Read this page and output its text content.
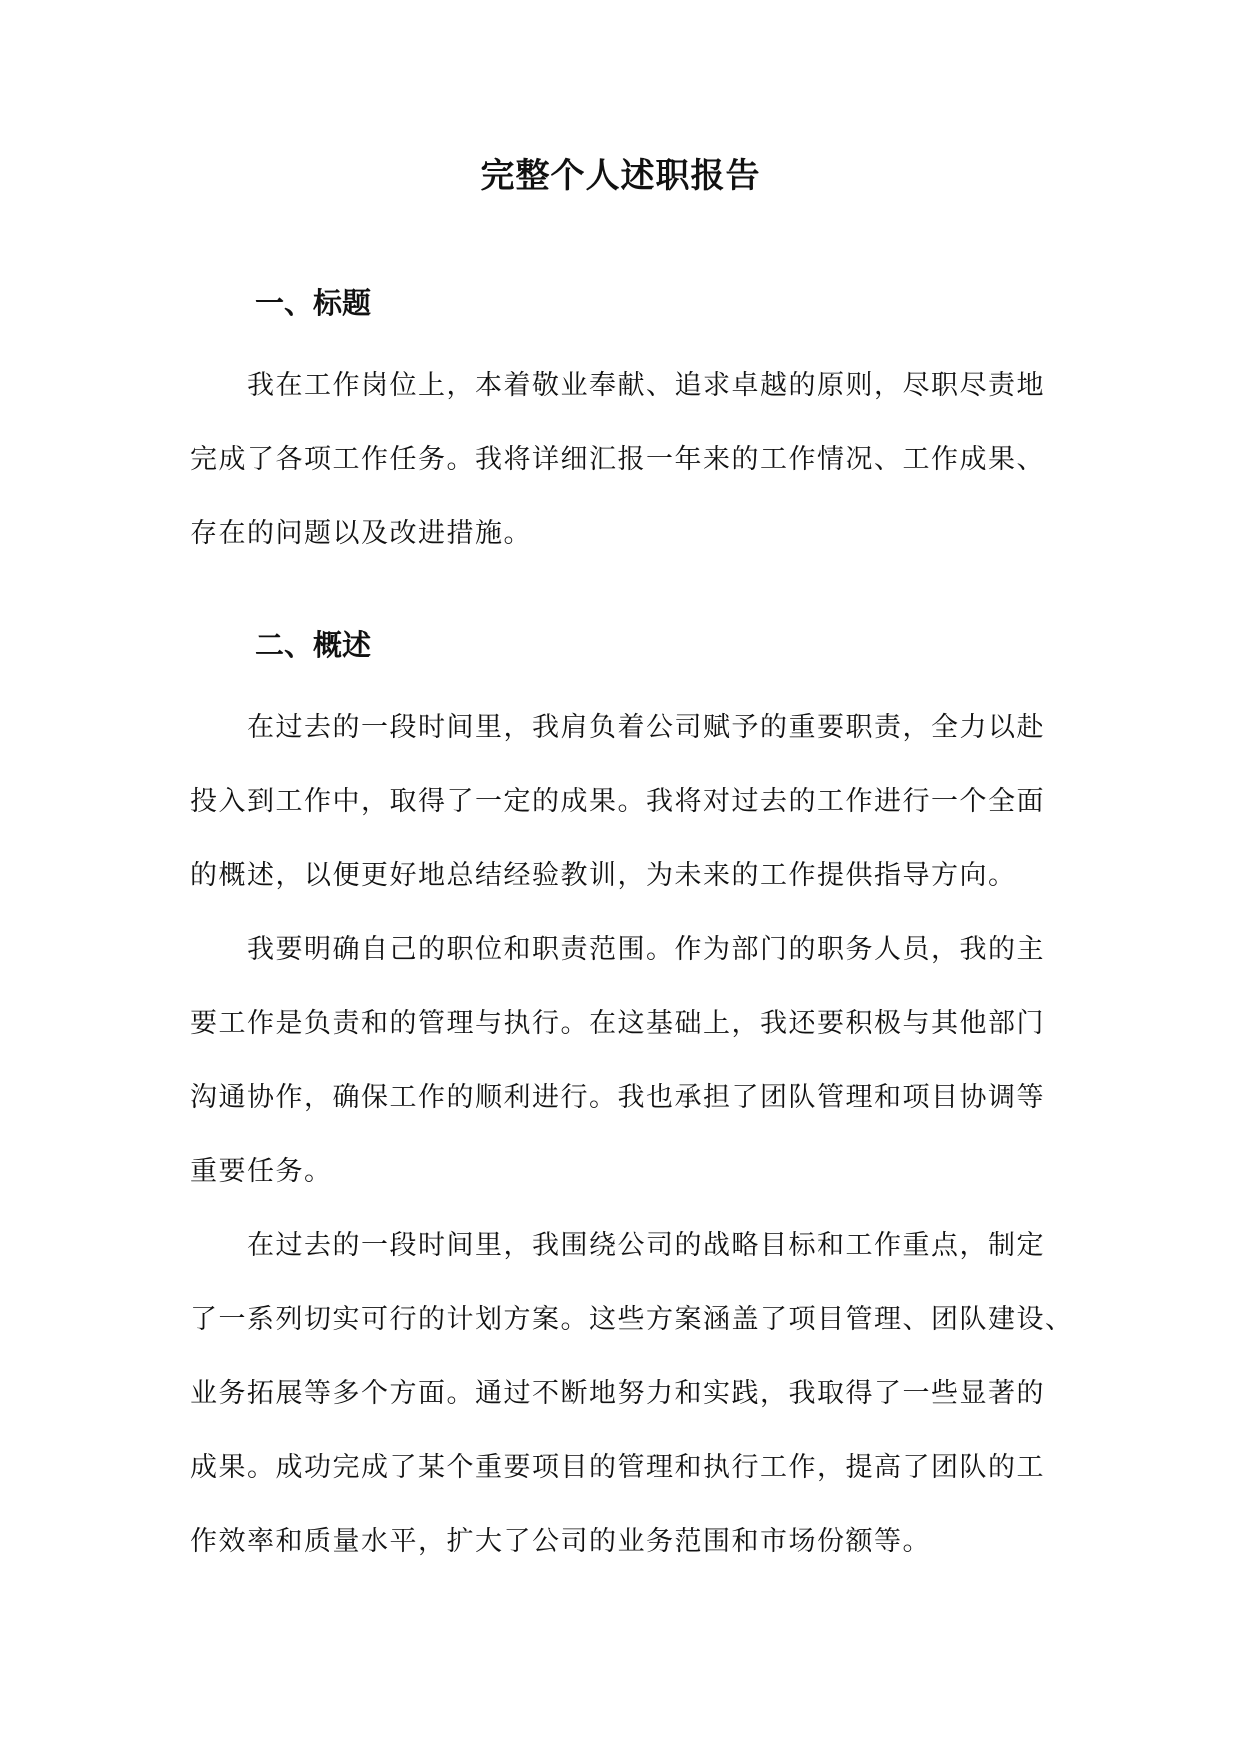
完整个人述职报告
一、标题
我在工作岗位上，本着敬业奉献、追求卓越的原则，尽职尽责地
完成了各项工作任务。我将详细汇报一年来的工作情况、工作成果、
存在的问题以及改进措施。
二、概述
在过去的一段时间里，我肩负着公司赋予的重要职责，全力以赴
投入到工作中，取得了一定的成果。我将对过去的工作进行一个全面
的概述，以便更好地总结经验教训，为未来的工作提供指导方向。
我要明确自己的职位和职责范围。作为部门的职务人员，我的主
要工作是负责和的管理与执行。在这基础上，我还要积极与其他部门
沟通协作，确保工作的顺利进行。我也承担了团队管理和项目协调等
重要任务。
在过去的一段时间里，我围绕公司的战略目标和工作重点，制定
了一系列切实可行的计划方案。这些方案涵盖了项目管理、团队建设、
业务拓展等多个方面。通过不断地努力和实践，我取得了一些显著的
成果。成功完成了某个重要项目的管理和执行工作，提高了团队的工
作效率和质量水平，扩大了公司的业务范围和市场份额等。
